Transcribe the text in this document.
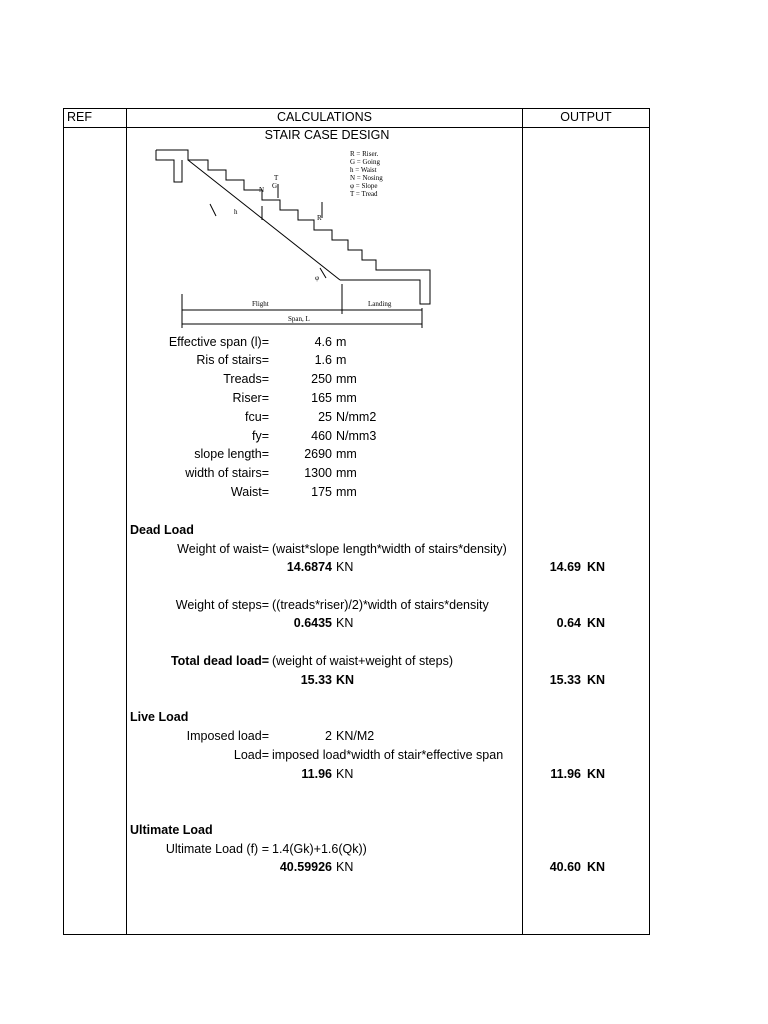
REF	CALCULATIONS	OUTPUT
STAIR CASE DESIGN
R = Riser.
G = Going
h = Waist
N = Nosing
φ = Slope
T = Tread
N G
T
R
h
φ
Flight	Landing
Span, L
Effective span (l)=	4.6 m
Ris of stairs=	1.6 m
Treads=	250 mm
Riser=	165 mm
fcu=	25 N/mm2
fy=	460 N/mm3
slope length=	2690 mm
width of stairs=	1300 mm
Waist=	175 mm
Dead Load
Weight of waist= (waist*slope length*width of stairs*density)
14.6874 KN	14.69 KN
Weight of steps= ((treads*riser)/2)*width of stairs*density
0.6435 KN	0.64 KN
Total dead load= (weight of waist+weight of steps)
15.33 KN	15.33 KN
Live Load
Imposed load=	2 KN/M2
Load= imposed load*width of stair*effective span
11.96 KN	11.96 KN
Ultimate Load
Ultimate Load (f) = 1.4(Gk)+1.6(Qk))
40.59926 KN	40.60 KN
